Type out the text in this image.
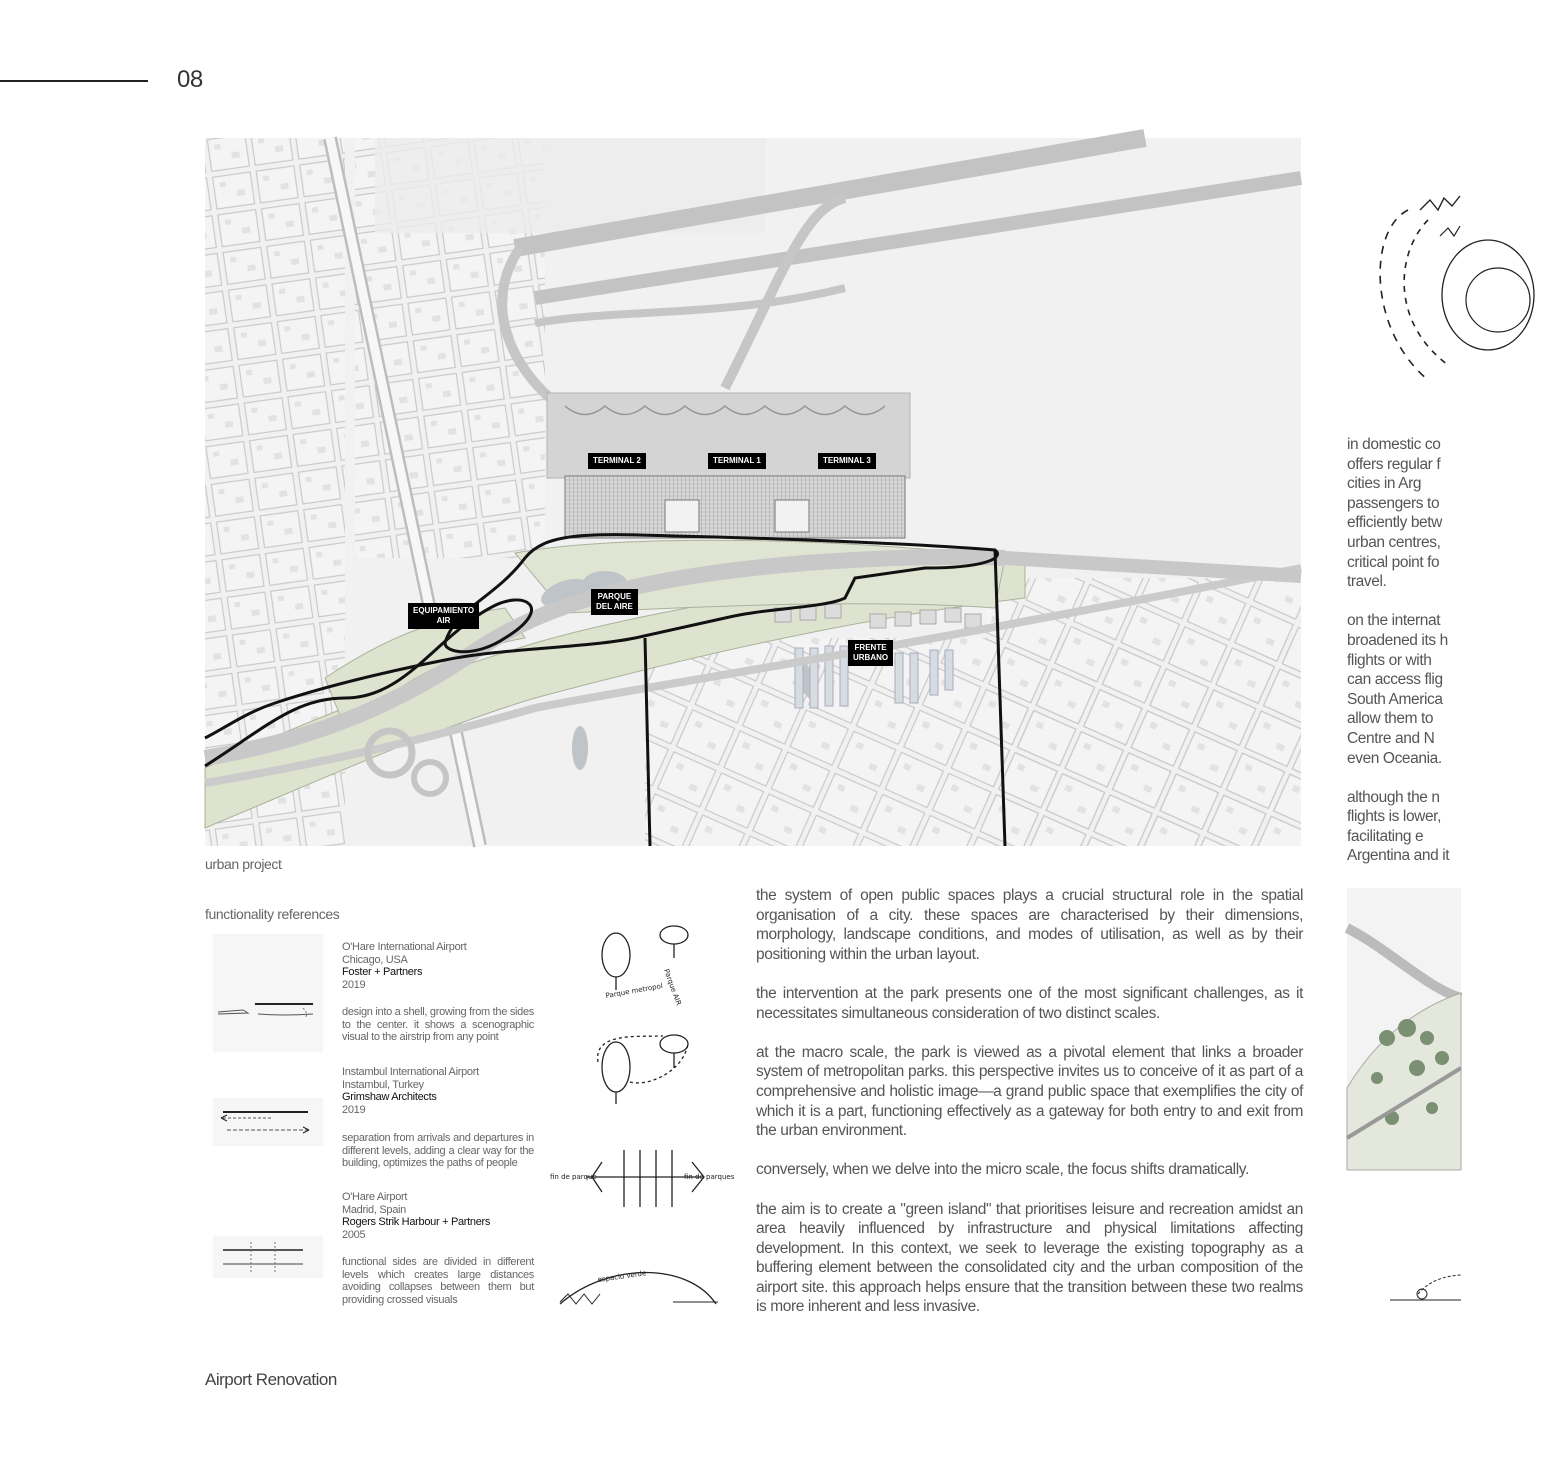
08
TERMINAL 2	TERMINAL 1	TERMINAL 3
PARQUE
DEL AIRE
EQUIPAMIENTO
AIR
FRENTE
URBANO
urban project
functionality references
O'Hare International Airport
Chicago, USA
Foster + Partners
2019
design into a shell, growing from the sides to the center. it shows a scenographic visual to the airstrip from any point
Instambul International Airport
Instambul, Turkey
Grimshaw Architects
2019
separation from arrivals and departures in different levels, adding a clear way for the building, optimizes the paths of people
O'Hare Airport
Madrid, Spain
Rogers Strik Harbour + Partners
2005
functional sides are divided in different levels which creates large distances avoiding collapses between them but providing crossed visuals
Parque metropol
Parque AIR
fin de parque	fin de parques
espacio verde

the system of open public spaces plays a crucial structural role in the spatial organisation of a city. these spaces are characterised by their dimensions, morphology, landscape conditions, and modes of utilisation, as well as by their positioning within the urban layout.

the intervention at the park presents one of the most significant challenges, as it necessitates simultaneous consideration of two distinct scales.

at the macro scale, the park is viewed as a pivotal element that links a broader system of metropolitan parks. this perspective invites us to conceive of it as part of a comprehensive and holistic image—a grand public space that exemplifies the city of which it is a part, functioning effectively as a gateway for both entry to and exit from the urban environment.

conversely, when we delve into the micro scale, the focus shifts dramatically.

the aim is to create a "green island" that prioritises leisure and recreation amidst an area heavily influenced by infrastructure and physical limitations affecting development. In this context, we seek to leverage the existing topography as a buffering element between the consolidated city and the urban composition of the airport site. this approach helps ensure that the transition between these two realms is more inherent and less invasive.

in domestic co
offers regular f
cities in Arg
passengers to
efficiently betw
urban centres,
critical point fo
travel.

on the internat
broadened its h
flights or with
can access flig
South America
allow them to
Centre and N
even Oceania.

although the n
flights is lower,
facilitating e
Argentina and it

Airport Renovation
